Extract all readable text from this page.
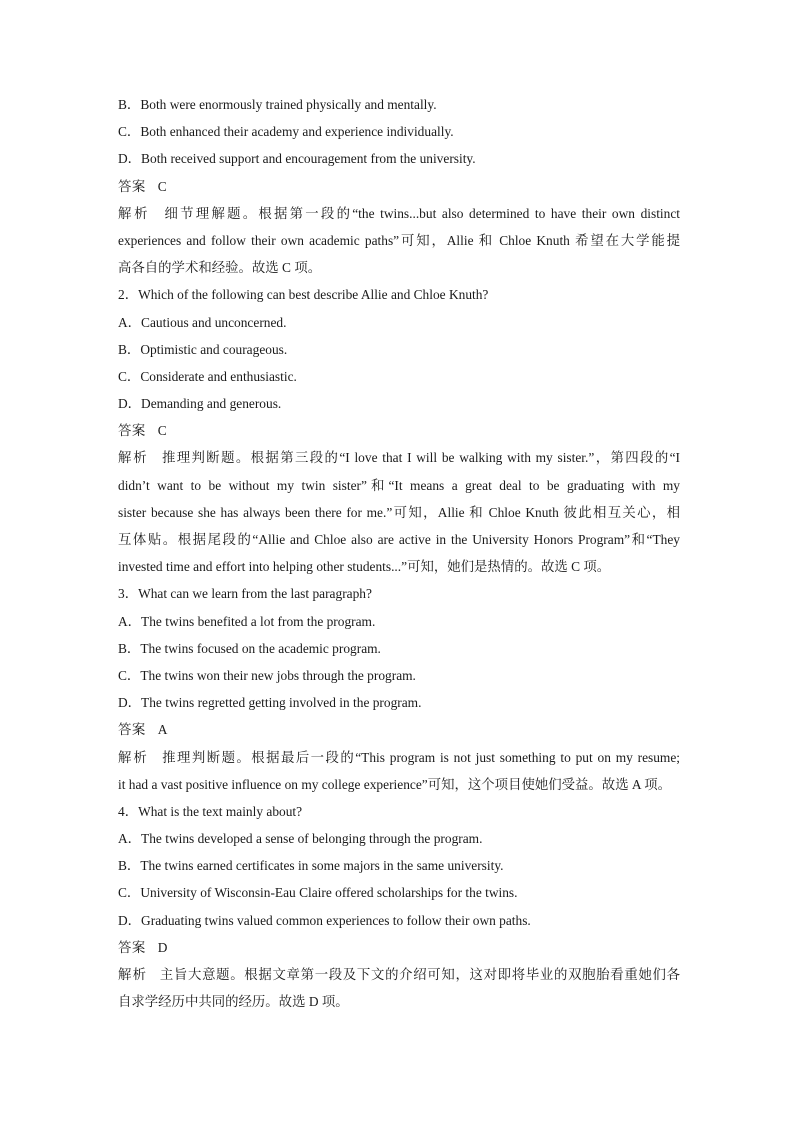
B．Both were enormously trained physically and mentally.
C．Both enhanced their academy and experience individually.
D．Both received support and encouragement from the university.
答案 C
解析 细节理解题。根据第一段的“the twins...but also determined to have their own distinct
experiences and follow their own academic paths”可知，Allie 和 Chloe Knuth 希望在大学能提
高各自的学术和经验。故选 C 项。
2．Which of the following can best describe Allie and Chloe Knuth?
A．Cautious and unconcerned.
B．Optimistic and courageous.
C．Considerate and enthusiastic.
D．Demanding and generous.
答案 C
解析 推理判断题。根据第三段的“I love that I will be walking with my sister.”，第四段的“I
didn’t want to be without my twin sister”和“It means a great deal to be graduating with my
sister because she has always been there for me.”可知，Allie 和 Chloe Knuth 彼此相互关心，相
互体贴。根据尾段的“Allie and Chloe also are active in the University Honors Program”和“They
invested time and effort into helping other students...”可知，她们是热情的。故选 C 项。
3．What can we learn from the last paragraph?
A．The twins benefited a lot from the program.
B．The twins focused on the academic program.
C．The twins won their new jobs through the program.
D．The twins regretted getting involved in the program.
答案 A
解析 推理判断题。根据最后一段的“This program is not just something to put on my resume;
it had a vast positive influence on my college experience”可知，这个项目使她们受益。故选 A 项。
4．What is the text mainly about?
A．The twins developed a sense of belonging through the program.
B．The twins earned certificates in some majors in the same university.
C．University of Wisconsin-Eau Claire offered scholarships for the twins.
D．Graduating twins valued common experiences to follow their own paths.
答案 D
解析 主旨大意题。根据文章第一段及下文的介绍可知，这对即将毕业的双胞胎看重她们各
自求学经历中共同的经历。故选 D 项。
